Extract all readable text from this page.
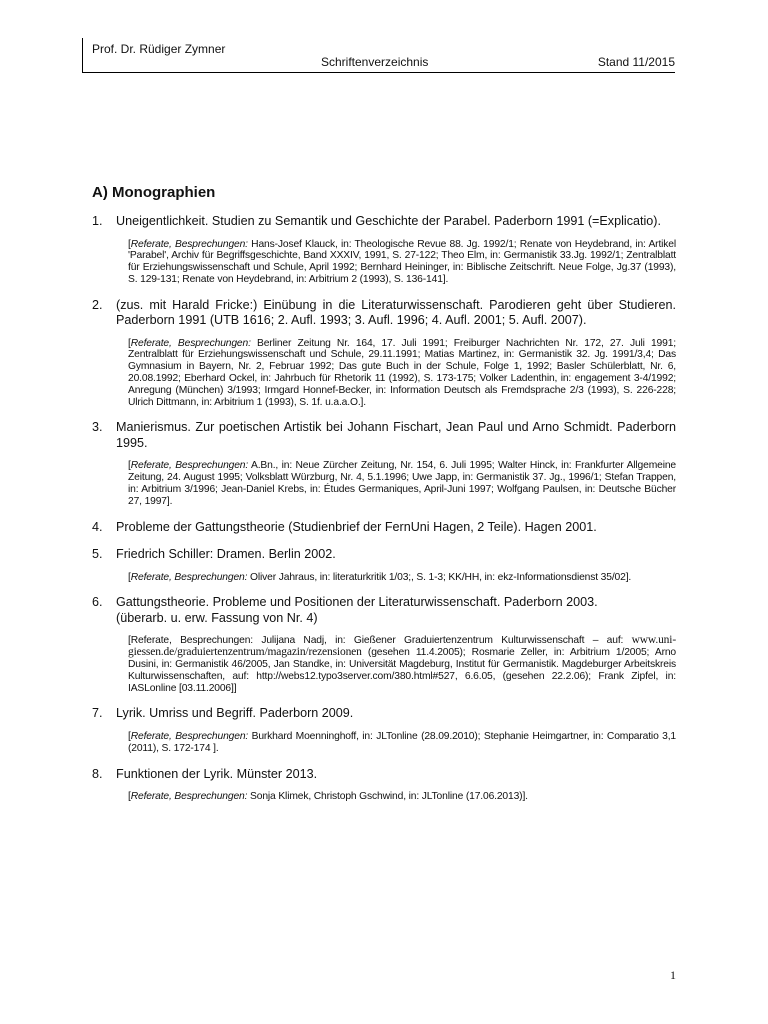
Prof. Dr. Rüdiger Zymner
Schriftenverzeichnis	Stand 11/2015
A) Monographien
1.	Uneigentlichkeit. Studien zu Semantik und Geschichte der Parabel. Paderborn 1991 (=Explicatio).
[Referate, Besprechungen: Hans-Josef Klauck, in: Theologische Revue 88. Jg. 1992/1; Renate von Heydebrand, in: Artikel 'Parabel', Archiv für Begriffsgeschichte, Band XXXIV, 1991, S. 27-122; Theo Elm, in: Germanistik 33.Jg. 1992/1; Zentralblatt für Erziehungswissenschaft und Schule, April 1992; Bernhard Heininger, in: Biblische Zeitschrift. Neue Folge, Jg.37 (1993), S. 129-131; Renate von Heydebrand, in: Arbitrium 2 (1993), S. 136-141].
2.	(zus. mit Harald Fricke:) Einübung in die Literaturwissenschaft. Parodieren geht über Studieren. Paderborn 1991 (UTB 1616; 2. Aufl. 1993; 3. Aufl. 1996; 4. Aufl. 2001; 5. Aufl. 2007).
[Referate, Besprechungen: Berliner Zeitung Nr. 164, 17. Juli 1991; Freiburger Nachrichten Nr. 172, 27. Juli 1991; Zentralblatt für Erziehungswissenschaft und Schule, 29.11.1991; Matias Martinez, in: Germanistik 32. Jg. 1991/3,4; Das Gymnasium in Bayern, Nr. 2, Februar 1992; Das gute Buch in der Schule, Folge 1, 1992; Basler Schülerblatt, Nr. 6, 20.08.1992; Eberhard Ockel, in: Jahrbuch für Rhetorik 11 (1992), S. 173-175; Volker Ladenthin, in: engagement 3-4/1992; Anregung (München) 3/1993; Irmgard Honnef-Becker, in: Information Deutsch als Fremdsprache 2/3 (1993), S. 226-228; Ulrich Dittmann, in: Arbitrium 1 (1993), S. 1f. u.a.a.O.].
3.	Manierismus. Zur poetischen Artistik bei Johann Fischart, Jean Paul und Arno Schmidt. Paderborn 1995.
[Referate, Besprechungen: A.Bn., in: Neue Zürcher Zeitung, Nr. 154, 6. Juli 1995; Walter Hinck, in: Frankfurter Allgemeine Zeitung, 24. August 1995; Volksblatt Würzburg, Nr. 4, 5.1.1996; Uwe Japp, in: Germanistik 37. Jg., 1996/1; Stefan Trappen, in: Arbitrium 3/1996; Jean-Daniel Krebs, in: Études Germaniques, April-Juni 1997; Wolfgang Paulsen, in: Deutsche Bücher 27, 1997].
4.	Probleme der Gattungstheorie (Studienbrief der FernUni Hagen, 2 Teile). Hagen 2001.
5.	Friedrich Schiller: Dramen. Berlin 2002.
[Referate, Besprechungen: Oliver Jahraus, in: literaturkritik 1/03;, S. 1-3; KK/HH, in: ekz-Informationsdienst 35/02].
6.	Gattungstheorie. Probleme und Positionen der Literaturwissenschaft. Paderborn 2003.
(überarb. u. erw. Fassung von Nr. 4)
[Referate, Besprechungen: Julijana Nadj, in: Gießener Graduiertenzentrum Kulturwissenschaft – auf: www.uni-giessen.de/graduiertenzentrum/magazin/rezensionen (gesehen 11.4.2005); Rosmarie Zeller, in: Arbitrium 1/2005; Arno Dusini, in: Germanistik 46/2005, Jan Standke, in: Universität Magdeburg, Institut für Germanistik. Magdeburger Arbeitskreis Kulturwissenschaften, auf: http://webs12.typo3server.com/380.html#527, 6.6.05, (gesehen 22.2.06); Frank Zipfel, in: IASLonline [03.11.2006]]
7.	Lyrik. Umriss und Begriff. Paderborn 2009.
[Referate, Besprechungen: Burkhard Moenninghoff, in: JLTonline (28.09.2010); Stephanie Heimgartner, in: Comparatio 3,1 (2011), S. 172-174 ].
8.	Funktionen der Lyrik. Münster 2013.
[Referate, Besprechungen: Sonja Klimek, Christoph Gschwind, in: JLTonline (17.06.2013)].
1
